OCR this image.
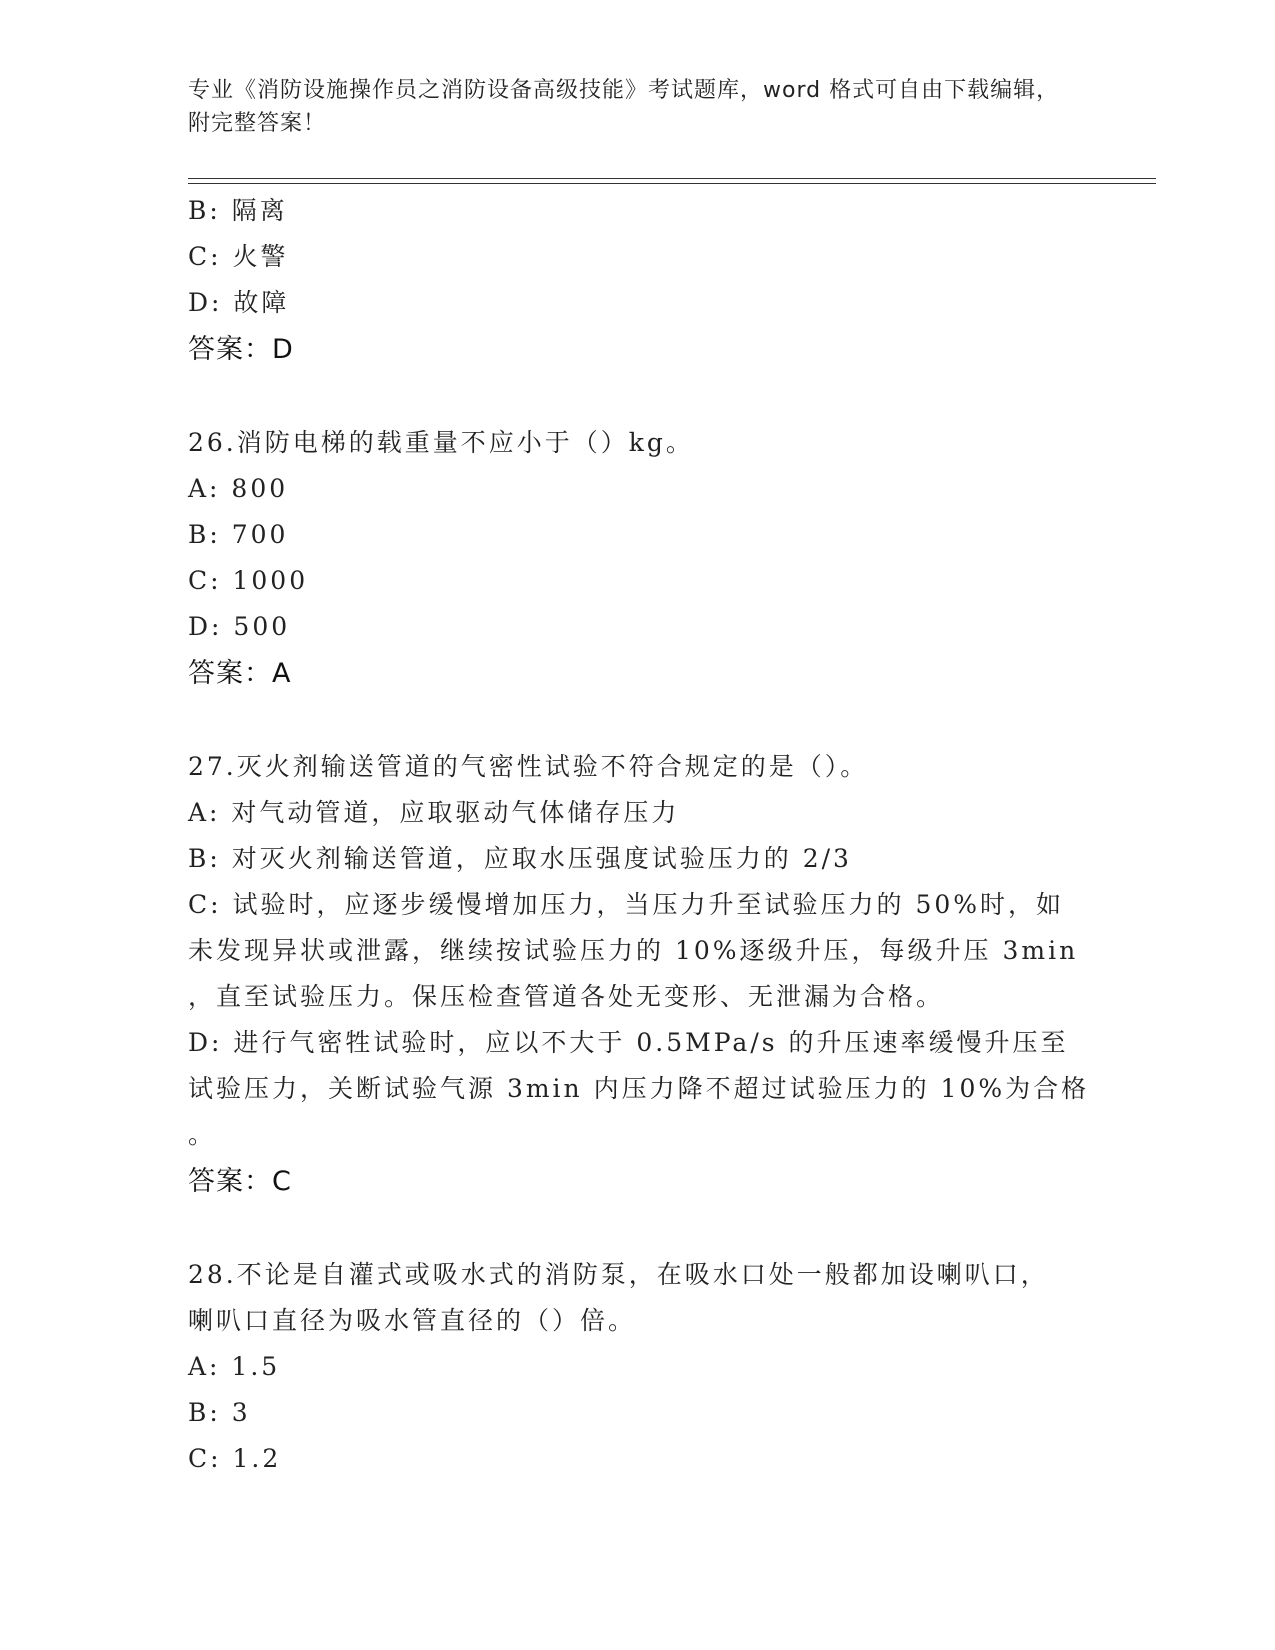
专业《消防设施操作员之消防设备高级技能》考试题库，word 格式可自由下载编辑，附完整答案！
B: 隔离
C: 火警
D: 故障
答案：D
26.消防电梯的载重量不应小于（）kg。
A: 800
B: 700
C: 1000
D: 500
答案：A
27.灭火剂输送管道的气密性试验不符合规定的是（）。
A: 对气动管道，应取驱动气体储存压力
B: 对灭火剂输送管道，应取水压强度试验压力的 2/3
C: 试验时，应逐步缓慢增加压力，当压力升至试验压力的 50%时，如
未发现异状或泄露，继续按试验压力的 10%逐级升压，每级升压 3min
，直至试验压力。保压检查管道各处无变形、无泄漏为合格。
D: 进行气密牲试验时，应以不大于 0.5MPa/s 的升压速率缓慢升压至
试验压力，关断试验气源 3min 内压力降不超过试验压力的 10%为合格
。
答案：C
28.不论是自灌式或吸水式的消防泵，在吸水口处一般都加设喇叭口，
喇叭口直径为吸水管直径的（）倍。
A: 1.5
B: 3
C: 1.2
